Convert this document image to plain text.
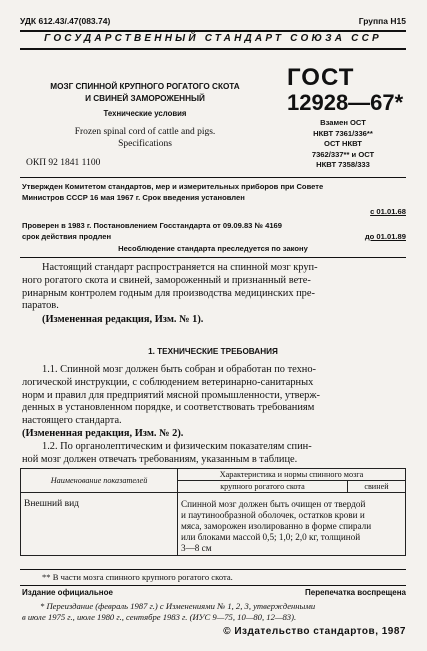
УДК 612.43/.47(083.74)	Группа Н15
ГОСУДАРСТВЕННЫЙ СТАНДАРТ СОЮЗА ССР
МОЗГ СПИННОЙ КРУПНОГО РОГАТОГО СКОТА
И СВИНЕЙ ЗАМОРОЖЕННЫЙ
Технические условия
Frozen spinal cord of cattle and pigs.
Specifications
ОКП 92 1841 1100
ГОСТ
12928—67*
Взамен ОСТ
НКВТ 7361/336**
ОСТ НКВТ
7362/337** и ОСТ
НКВТ 7358/333
Утвержден Комитетом стандартов, мер и измерительных приборов при Совете
Министров СССР 16 мая 1967 г. Срок введения установлен
с 01.01.68
Проверен в 1983 г. Постановлением Госстандарта от 09.09.83 № 4169
срок действия продлен	до 01.01.89
Несоблюдение стандарта преследуется по закону
Настоящий стандарт распространяется на спинной мозг круп-
ного рогатого скота и свиней, замороженный и признанный вете-
ринарным контролем годным для производства медицинских пре-
паратов.
(Измененная редакция, Изм. № 1).
1. ТЕХНИЧЕСКИЕ ТРЕБОВАНИЯ
1.1. Спинной мозг должен быть собран и обработан по техно-
логической инструкции, с соблюдением ветеринарно-санитарных
норм и правил для предприятий мясной промышленности, утверж-
денных в установленном порядке, и соответствовать требованиям
настоящего стандарта.
(Измененная редакция, Изм. № 2).
1.2. По органолептическим и физическим показателям спин-
ной мозг должен отвечать требованиям, указанным в таблице.
Наименование показателей	Характеристика и нормы спинного мозга	
	крупного рогатого скота	свиней
Внешний вид	Спинной мозг должен быть очищен от твердой
и паутинообразной оболочек, остатков крови и
мяса, заморожен изолированно в форме спирали
или блоками массой 0,5; 1,0; 2,0 кг, толщиной
3—8 см	
** В части мозга спинного крупного рогатого скота.
Издание официальное	Перепечатка воспрещена
* Переиздание (февраль 1987 г.) с Изменениями № 1, 2, 3, утвержденными
в июле 1975 г., июле 1980 г., сентябре 1983 г. (ИУС 9—75, 10—80, 12—83).
© Издательство стандартов, 1987
